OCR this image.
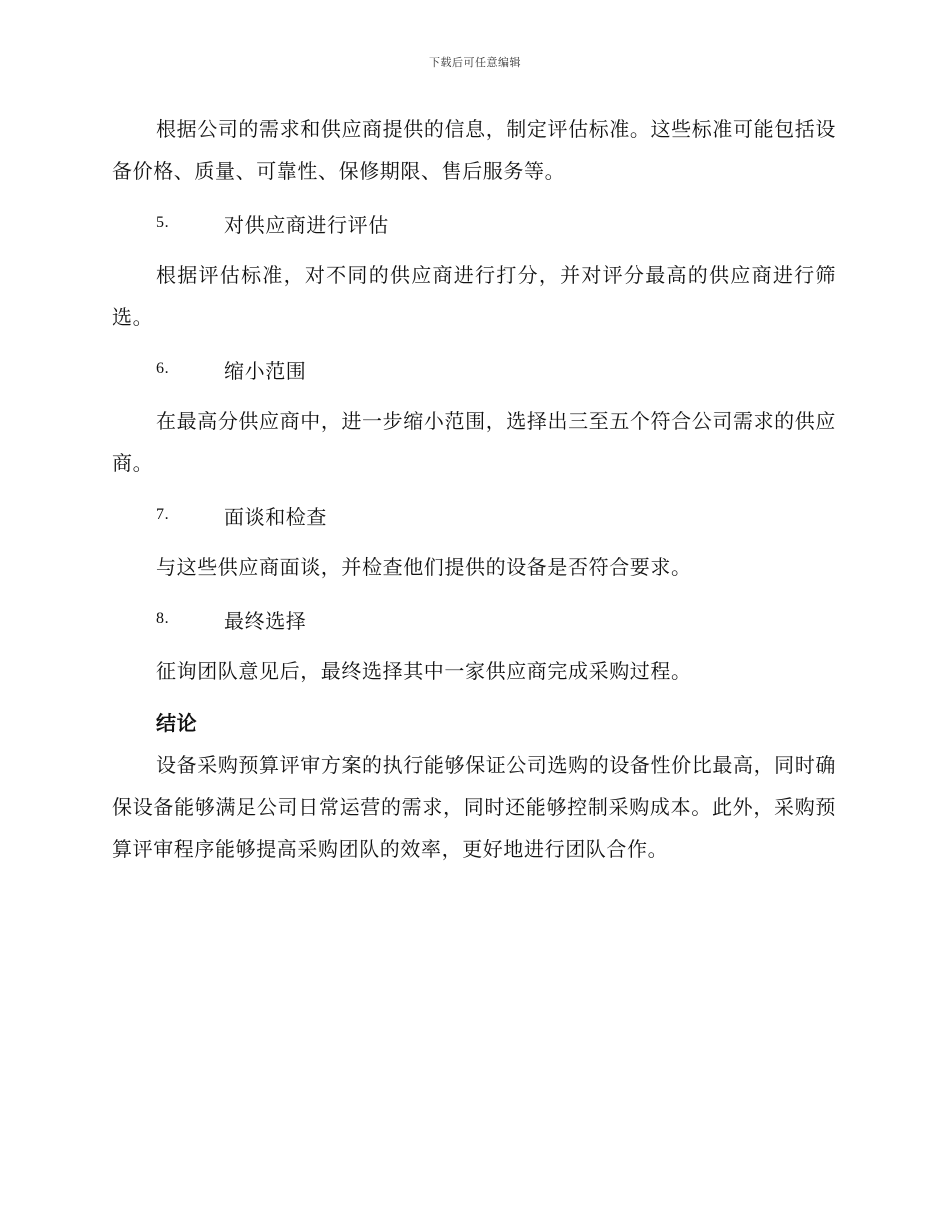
下载后可任意编辑

根据公司的需求和供应商提供的信息，制定评估标准。这些标准可能包括设备价格、质量、可靠性、保修期限、售后服务等。

5.	对供应商进行评估

根据评估标准，对不同的供应商进行打分，并对评分最高的供应商进行筛选。

6.	缩小范围

在最高分供应商中，进一步缩小范围，选择出三至五个符合公司需求的供应商。

7.	面谈和检查

与这些供应商面谈，并检查他们提供的设备是否符合要求。

8.	最终选择

征询团队意见后，最终选择其中一家供应商完成采购过程。

结论

设备采购预算评审方案的执行能够保证公司选购的设备性价比最高，同时确保设备能够满足公司日常运营的需求，同时还能够控制采购成本。此外，采购预算评审程序能够提高采购团队的效率，更好地进行团队合作。
